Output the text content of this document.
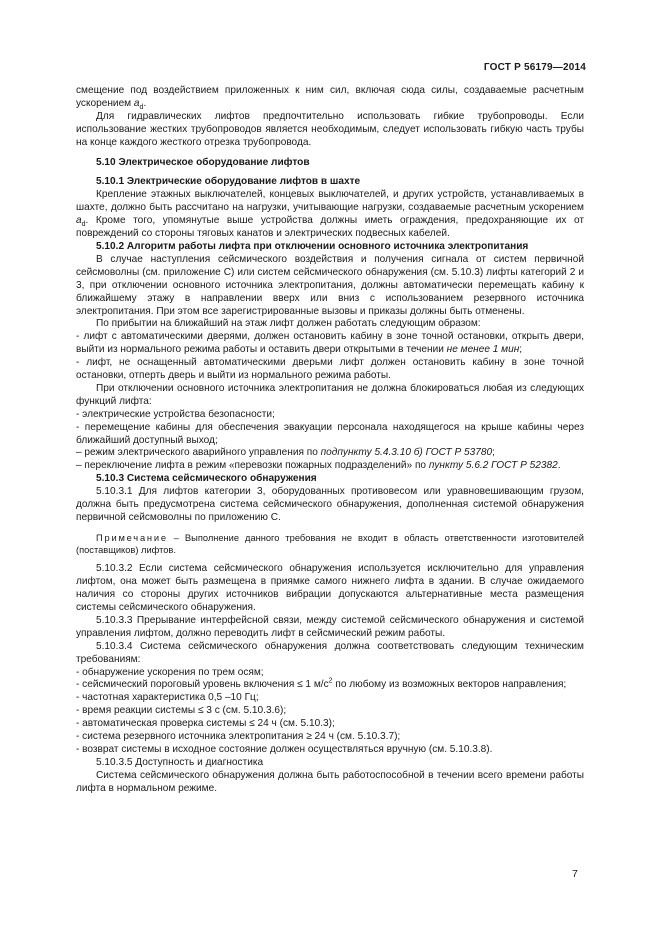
ГОСТ Р 56179—2014

смещение под воздействием приложенных к ним сил, включая сюда силы, создаваемые расчетным ускорением $a_d$.

Для гидравлических лифтов предпочтительно использовать гибкие трубопроводы. Если использование жестких трубопроводов является необходимым, следует использовать гибкую часть трубы на конце каждого жесткого отрезка трубопровода.

5.10 Электрическое оборудование лифтов

5.10.1 Электрические оборудование лифтов в шахте

Крепление этажных выключателей, концевых выключателей, и других устройств, устанавливаемых в шахте, должно быть рассчитано на нагрузки, учитывающие нагрузки, создаваемые расчетным ускорением $a_d$. Кроме того, упомянутые выше устройства должны иметь ограждения, предохраняющие их от повреждений со стороны тяговых канатов и электрических подвесных кабелей.

5.10.2 Алгоритм работы лифта при отключении основного источника электропитания

В случае наступления сейсмического воздействия и получения сигнала от систем первичной сейсмоволны (см. приложение С) или систем сейсмического обнаружения (см. 5.10.3) лифты категорий 2 и 3, при отключении основного источника электропитания, должны автоматически перемещать кабину к ближайшему этажу в направлении вверх или вниз с использованием резервного источника электропитания. При этом все зарегистрированные вызовы и приказы должны быть отменены.

По прибытии на ближайший на этаж лифт должен работать следующим образом:

- лифт с автоматическими дверями, должен остановить кабину в зоне точной остановки, открыть двери, выйти из нормального режима работы и оставить двери открытыми в течении не менее 1 мин;

- лифт, не оснащенный автоматическими дверьми лифт должен остановить кабину в зоне точной остановки, отперть дверь и выйти из нормального режима работы.

При отключении основного источника электропитания не должна блокироваться любая из следующих функций лифта:

- электрические устройства безопасности;

- перемещение кабины для обеспечения эвакуации персонала находящегося на крыше кабины через ближайший доступный выход;

– режим электрического аварийного управления по подпункту 5.4.3.10 б) ГОСТ Р 53780;

– переключение лифта в режим «перевозки пожарных подразделений» по пункту 5.6.2 ГОСТ Р 52382.

5.10.3 Система сейсмического обнаружения

5.10.3.1 Для лифтов категории 3, оборудованных противовесом или уравновешивающим грузом, должна быть предусмотрена система сейсмического обнаружения, дополненная системой обнаружения первичной сейсмоволны по приложению С.

Примечание – Выполнение данного требования не входит в область ответственности изготовителей (поставщиков) лифтов.

5.10.3.2 Если система сейсмического обнаружения используется исключительно для управления лифтом, она может быть размещена в приямке самого нижнего лифта в здании. В случае ожидаемого наличия со стороны других источников вибрации допускаются альтернативные места размещения системы сейсмического обнаружения.

5.10.3.3 Прерывание интерфейсной связи, между системой сейсмического обнаружения и системой управления лифтом, должно переводить лифт в сейсмический режим работы.

5.10.3.4 Система сейсмического обнаружения должна соответствовать следующим техническим требованиям:

- обнаружение ускорения по трем осям;

- сейсмический пороговый уровень включения ≤ 1 $м/с^2$ по любому из возможных векторов направления;

- частотная характеристика 0,5 –10 Гц;

- время реакции системы ≤ 3 с (см. 5.10.3.6);

- автоматическая проверка системы ≤ 24 ч (см. 5.10.3);

- система резервного источника электропитания ≥ 24 ч (см. 5.10.3.7);

- возврат системы в исходное состояние должен осуществляться вручную (см. 5.10.3.8).

5.10.3.5 Доступность и диагностика

Система сейсмического обнаружения должна быть работоспособной в течении всего времени работы лифта в нормальном режиме.

7
